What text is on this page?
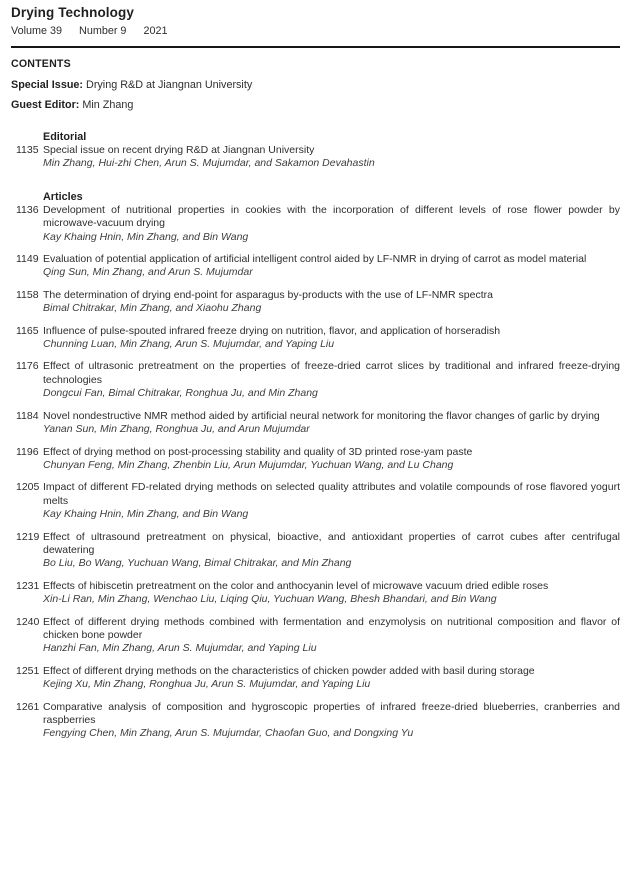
Drying Technology
Volume 39 Number 9 2021
CONTENTS
Special Issue: Drying R&D at Jiangnan University
Guest Editor: Min Zhang
Editorial
1135 Special issue on recent drying R&D at Jiangnan University
Min Zhang, Hui-zhi Chen, Arun S. Mujumdar, and Sakamon Devahastin
Articles
1136 Development of nutritional properties in cookies with the incorporation of different levels of rose flower powder by microwave-vacuum drying
Kay Khaing Hnin, Min Zhang, and Bin Wang
1149 Evaluation of potential application of artificial intelligent control aided by LF-NMR in drying of carrot as model material
Qing Sun, Min Zhang, and Arun S. Mujumdar
1158 The determination of drying end-point for asparagus by-products with the use of LF-NMR spectra
Bimal Chitrakar, Min Zhang, and Xiaohu Zhang
1165 Influence of pulse-spouted infrared freeze drying on nutrition, flavor, and application of horseradish
Chunning Luan, Min Zhang, Arun S. Mujumdar, and Yaping Liu
1176 Effect of ultrasonic pretreatment on the properties of freeze-dried carrot slices by traditional and infrared freeze-drying technologies
Dongcui Fan, Bimal Chitrakar, Ronghua Ju, and Min Zhang
1184 Novel nondestructive NMR method aided by artificial neural network for monitoring the flavor changes of garlic by drying
Yanan Sun, Min Zhang, Ronghua Ju, and Arun Mujumdar
1196 Effect of drying method on post-processing stability and quality of 3D printed rose-yam paste
Chunyan Feng, Min Zhang, Zhenbin Liu, Arun Mujumdar, Yuchuan Wang, and Lu Chang
1205 Impact of different FD-related drying methods on selected quality attributes and volatile compounds of rose flavored yogurt melts
Kay Khaing Hnin, Min Zhang, and Bin Wang
1219 Effect of ultrasound pretreatment on physical, bioactive, and antioxidant properties of carrot cubes after centrifugal dewatering
Bo Liu, Bo Wang, Yuchuan Wang, Bimal Chitrakar, and Min Zhang
1231 Effects of hibiscetin pretreatment on the color and anthocyanin level of microwave vacuum dried edible roses
Xin-Li Ran, Min Zhang, Wenchao Liu, Liqing Qiu, Yuchuan Wang, Bhesh Bhandari, and Bin Wang
1240 Effect of different drying methods combined with fermentation and enzymolysis on nutritional composition and flavor of chicken bone powder
Hanzhi Fan, Min Zhang, Arun S. Mujumdar, and Yaping Liu
1251 Effect of different drying methods on the characteristics of chicken powder added with basil during storage
Kejing Xu, Min Zhang, Ronghua Ju, Arun S. Mujumdar, and Yaping Liu
1261 Comparative analysis of composition and hygroscopic properties of infrared freeze-dried blueberries, cranberries and raspberries
Fengying Chen, Min Zhang, Arun S. Mujumdar, Chaofan Guo, and Dongxing Yu
